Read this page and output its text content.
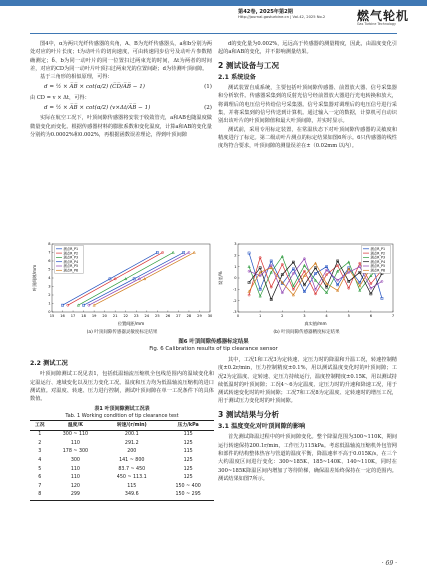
第42卷, 2025年第2期
Http://journal.gasturbine.cn | Vol.42, 2025 No.2	燃气轮机
Gas Turbine Technology

图4中，α为两只光纤传感器的夹角，A、B为光纤传感器头，a和b分别为两处对应的叶片长度；t为动叶片的切向速度，可由转速同步信号及动叶片参数精确测定；δ、b为同一动叶片的同一位置扫过两束光的时间，Δt为两者的时间差，对应的CD为同一动叶片叶顶扫过两束光的位置间距；d为待测叶顶间隙。

基于三角形的相似原理，可得：

d = ½ × A̅B̅ × cot(α/2) (C̅D̅/A̅B̅ − 1)	(1)

由 CD = v × Δt，可得：

d = ½ × A̅B̅ × cot(α/2) (v×Δt/A̅B̅ − 1)	(2)

实际在航空工况下，叶顶间隙传感器将安装于收敛管壳，a和AB也随温度做微量变化而变化。根据传感器材料的膨胀系数和变化温度，计算a和AB的变化量分别约为0.0002%和0.002%，再根据函数误差理论，得到叶顶间隙

d的变化量为0.002%，远远高于传感器的测量精度，因此，由温度变化引起的a和AB的变化，并不影响测量结果。

2 测试设备与工况
2.1 系统设备

测试装置自成系统，主要包括叶顶间隙传感器、前置放大器、信号采集器和分析软件。传感器采集到的反射光信号经前置放大器进行光电转换和放大，将调理后的电压信号传给信号采集器。信号采集器对调理后的电压信号进行采集，并将采集到的信号传送到计算机。通过输入一定的数据，计算机可自动识别出该叶片的叶顶间隙值和最大叶顶间隙，并实时显示。

测试前，采用专用标定装置，在常温状态下对叶顶间隙传感器的灵敏度和精度进行了标定。第二级动叶片测点的标定结果如图6所示。6只传感器的线性度均符合要求，叶顶间隙的测量误差在±（0.02mm 以内）。

15 16 17 18 19 20 21 22 23 24 25 26 27 28 29 30
0
1
2
3
4
5
6
7
8
位置间距/mm
叶顶间隙/mm
测点R_P1
测点R_P2
测点R_P3
测点R_P4
测点R_P5
测点R_P6
0	1	2	3	4	5	6	7
-3
-2
-1
0
1
2
3
真实值/mm
误差/%
测点R_P1
测点R_P2
测点R_P3
测点R_P4
测点R_P5
测点R_P6
(a) 叶顶间隙传感器灵敏度标定结果	(b) 叶顶间隙传感器精度标定结果
图6 叶顶间隙传感器标定结果
Fig. 6 Calibration results of tip clearance sensor
2.2 测试工况

叶顶间隙测试工况见表1，包括低温轴流压缩机全包线范围内的温域变化和定温运行、速域变化以及压力变化工况。温度和压力均为低温轴流压缩机的进口测试值。对温度、转速、压力进行控制，测试叶顶间隙在单一工况条件下的具体数值。

表1 叶顶间隙测试工况表
Tab. 1 Working condition of tip clearance test
工况	温度/K	转速/(r/min)	压力/kPa
1	300 ~ 110	200.1	115
2	110	291.2	125
3	178 ~ 300	200	115
4	300	141 ~ 800	125
5	110	83.7 ~ 450	125
6	110	450 ~ 113.1	125
7	120	115	150 ~ 400
8	299	349.6	150 ~ 295

其中，工况1和工况3为定转速、定压力时的降温和升温工况，转速控制精度±0.2r/min，压力控制精度±0.1%，用以测试温度变化时的叶顶间隙；工况2为定温度、定转速、定压力持续运行，温度控制精度±0.15K，用以测试持续低温时的叶顶间隙；工况4～6为定温度、定压力时的升速和降速工况，用于测试转速变化时的叶顶间隙；工况7和工况8为定温度、定转速时的增压工况，用于测试压力变化时的叶顶间隙。

3 测试结果与分析
3.1 温度变化对叶顶间隙的影响

首先测试降温过程中的叶顶间隙变化。整个降温范围为300~110K，期间运行转速保持200.1r/min，工作压力115kPa。考虑低温轴流压缩机外包管网和部件的结构整体热容与管道的温度平衡，降温速率不高于0.015K/s，在三个大约温度区间进行变化：300~185K、185~140K、140~110K，同时在300~185K降温区间内增加了等待阶梯，确保温差始终保持在一定的范围内。测试结果如图7所示。

· 69 ·
